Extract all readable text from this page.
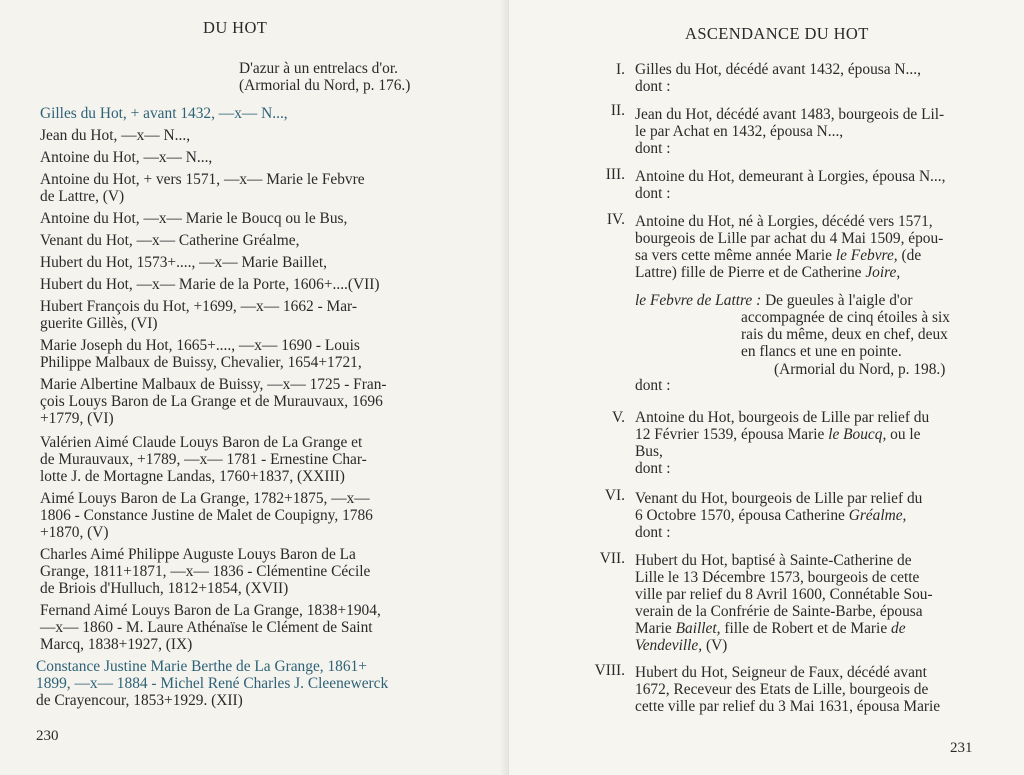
DU HOT
D'azur à un entrelacs d'or.
(Armorial du Nord, p. 176.)
Gilles du Hot, + avant 1432, —x— N...,
Jean du Hot, —x— N...,
Antoine du Hot, —x— N...,
Antoine du Hot, + vers 1571, —x— Marie le Febvre
de Lattre, (V)
Antoine du Hot, —x— Marie le Boucq ou le Bus,
Venant du Hot, —x— Catherine Gréalme,
Hubert du Hot, 1573+...., —x— Marie Baillet,
Hubert du Hot, —x— Marie de la Porte, 1606+....(VII)
Hubert François du Hot, +1699, —x— 1662 - Mar-
guerite Gillès, (VI)
Marie Joseph du Hot, 1665+...., —x— 1690 - Louis
Philippe Malbaux de Buissy, Chevalier, 1654+1721,
Marie Albertine Malbaux de Buissy, —x— 1725 - Fran-
çois Louys Baron de La Grange et de Murauvaux, 1696
+1779, (VI)
Valérien Aimé Claude Louys Baron de La Grange et
de Murauvaux, +1789, —x— 1781 - Ernestine Char-
lotte J. de Mortagne Landas, 1760+1837, (XXIII)
Aimé Louys Baron de La Grange, 1782+1875, —x—
1806 - Constance Justine de Malet de Coupigny, 1786
+1870, (V)
Charles Aimé Philippe Auguste Louys Baron de La
Grange, 1811+1871, —x— 1836 - Clémentine Cécile
de Briois d'Hulluch, 1812+1854, (XVII)
Fernand Aimé Louys Baron de La Grange, 1838+1904,
—x— 1860 - M. Laure Athénaïse le Clément de Saint
Marcq, 1838+1927, (IX)
Constance Justine Marie Berthe de La Grange, 1861+
1899, —x— 1884 - Michel René Charles J. Cleenewerck
de Crayencour, 1853+1929. (XII)
230
ASCENDANCE DU HOT
I. Gilles du Hot, décédé avant 1432, épousa N...,
dont :
II. Jean du Hot, décédé avant 1483, bourgeois de Lil-
le par Achat en 1432, épousa N...,
dont :
III. Antoine du Hot, demeurant à Lorgies, épousa N...,
dont :
IV. Antoine du Hot, né à Lorgies, décédé vers 1571,
bourgeois de Lille par achat du 4 Mai 1509, épou-
sa vers cette même année Marie le Febvre, (de
Lattre) fille de Pierre et de Catherine Joire,
le Febvre de Lattre : De gueules à l'aigle d'or
accompagnée de cinq étoiles à six
rais du même, deux en chef, deux
en flancs et une en pointe.
(Armorial du Nord, p. 198.)
dont :
V. Antoine du Hot, bourgeois de Lille par relief du
12 Février 1539, épousa Marie le Boucq, ou le
Bus,
dont :
VI. Venant du Hot, bourgeois de Lille par relief du
6 Octobre 1570, épousa Catherine Gréalme,
dont :
VII. Hubert du Hot, baptisé à Sainte-Catherine de
Lille le 13 Décembre 1573, bourgeois de cette
ville par relief du 8 Avril 1600, Connétable Sou-
verain de la Confrérie de Sainte-Barbe, épousa
Marie Baillet, fille de Robert et de Marie de
Vendeville, (V)
VIII. Hubert du Hot, Seigneur de Faux, décédé avant
1672, Receveur des Etats de Lille, bourgeois de
cette ville par relief du 3 Mai 1631, épousa Marie
231
